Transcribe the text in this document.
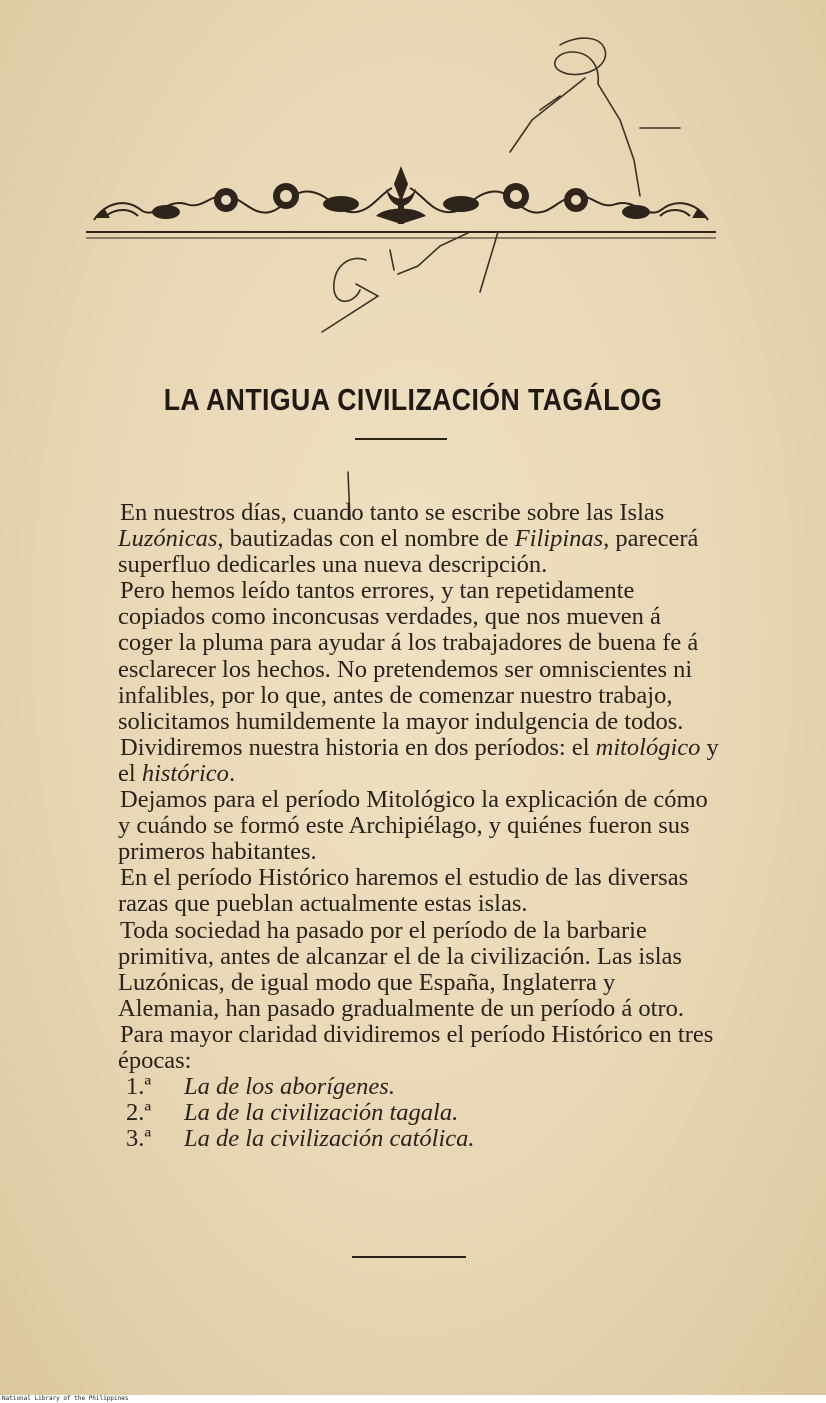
LA ANTIGUA CIVILIZACIÓN TAGÁLOG

En nuestros días, cuando tanto se escribe sobre las Islas Luzónicas, bautizadas con el nombre de Filipinas, parecerá superfluo dedicarles una nueva descripción.

Pero hemos leído tantos errores, y tan repetidamente copiados como inconcusas verdades, que nos mueven á coger la pluma para ayudar á los trabajadores de buena fe á esclarecer los hechos. No pretendemos ser omniscientes ni infalibles, por lo que, antes de comenzar nuestro trabajo, solicitamos humildemente la mayor indulgencia de todos.

Dividiremos nuestra historia en dos períodos: el mitológico y el histórico.

Dejamos para el período Mitológico la explicación de cómo y cuándo se formó este Archipiélago, y quiénes fueron sus primeros habitantes.

En el período Histórico haremos el estudio de las diversas razas que pueblan actualmente estas islas.

Toda sociedad ha pasado por el período de la barbarie primitiva, antes de alcanzar el de la civilización. Las islas Luzónicas, de igual modo que España, Inglaterra y Alemania, han pasado gradualmente de un período á otro.

Para mayor claridad dividiremos el período Histórico en tres épocas:

1.ª La de los aborígenes.

2.ª La de la civilización tagala.

3.ª La de la civilización católica.

National Library of the Philippines
